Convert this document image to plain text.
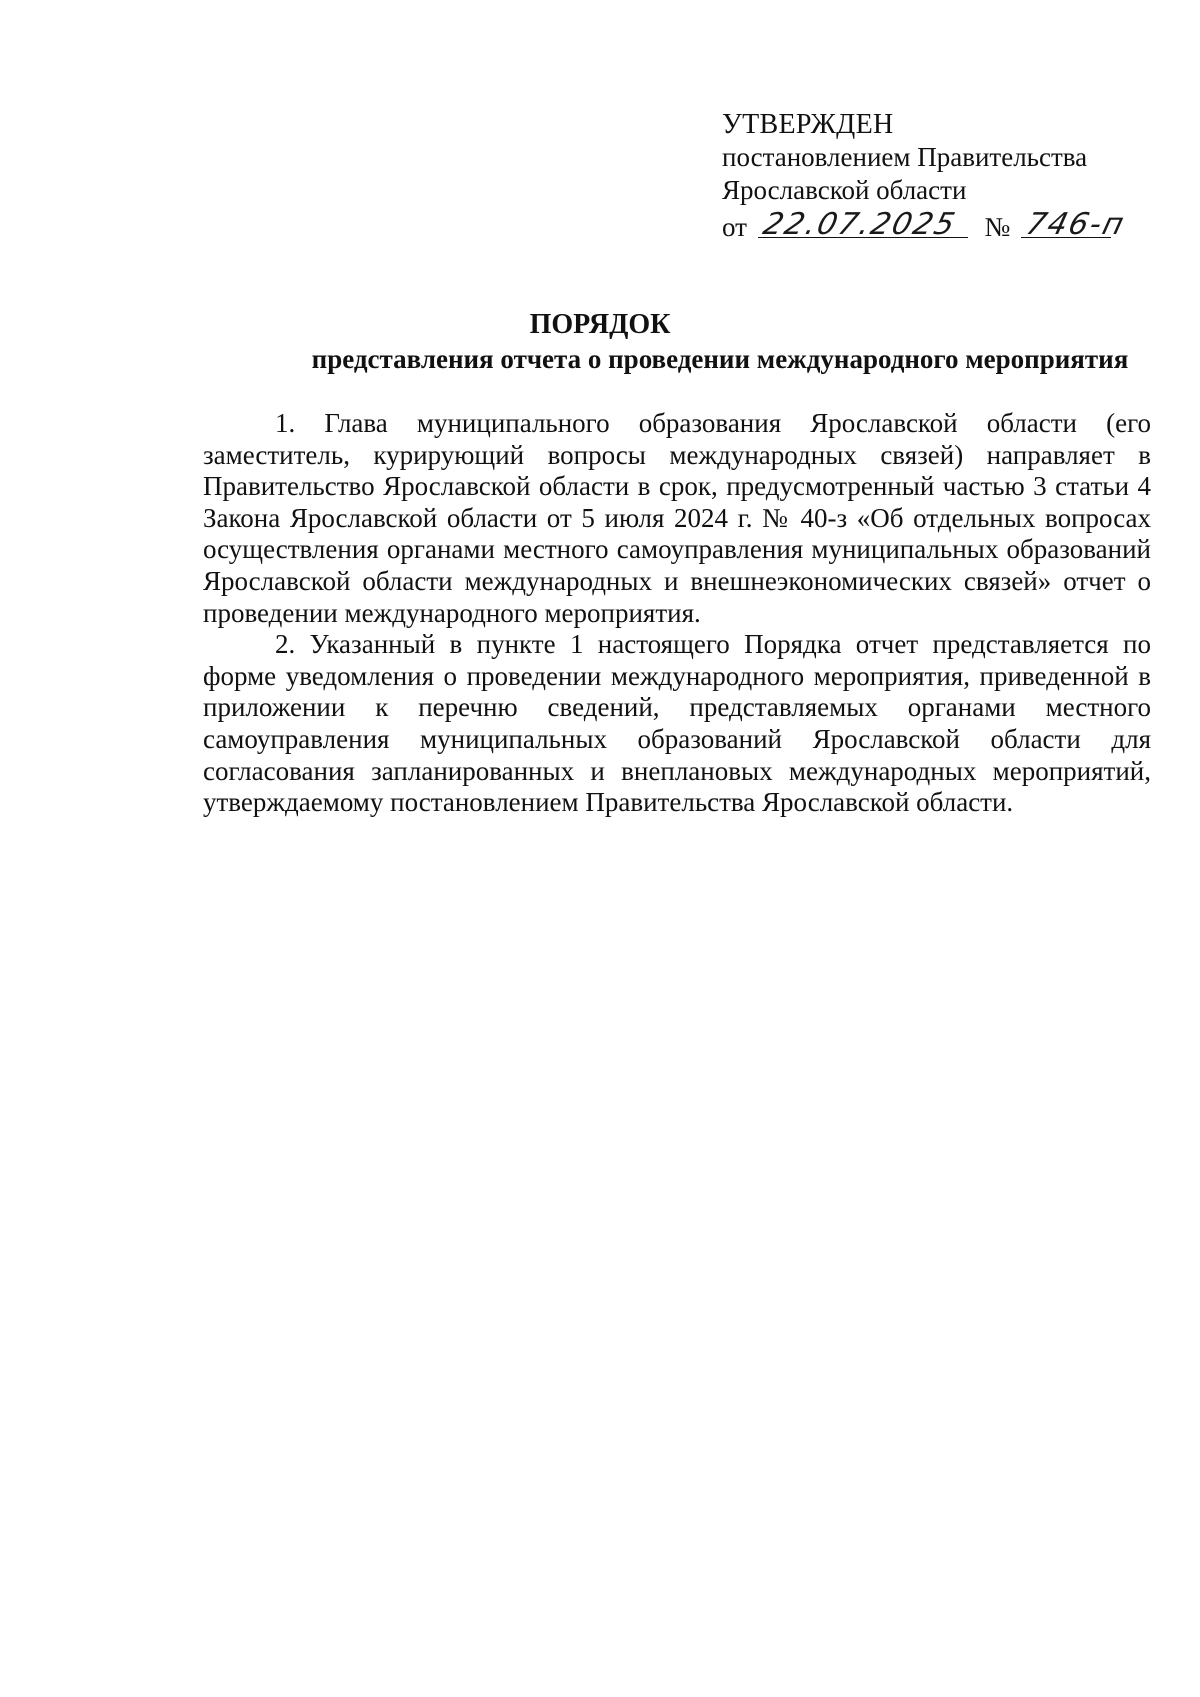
УТВЕРЖДЕН
постановлением Правительства
Ярославской области
от 22.07.2025 № 746-п
ПОРЯДОК
представления отчета о проведении международного мероприятия

1. Глава муниципального образования Ярославской области (его заместитель, курирующий вопросы международных связей) направляет в Правительство Ярославской области в срок, предусмотренный частью 3 статьи 4 Закона Ярославской области от 5 июля 2024 г. № 40-з «Об отдельных вопросах осуществления органами местного самоуправления муниципальных образований Ярославской области международных и внешнеэкономических связей» отчет о проведении международного мероприятия.

2. Указанный в пункте 1 настоящего Порядка отчет представляется по форме уведомления о проведении международного мероприятия, приведенной в приложении к перечню сведений, представляемых органами местного самоуправления муниципальных образований Ярославской области для согласования запланированных и внеплановых международных мероприятий, утверждаемому постановлением Правительства Ярославской области.
